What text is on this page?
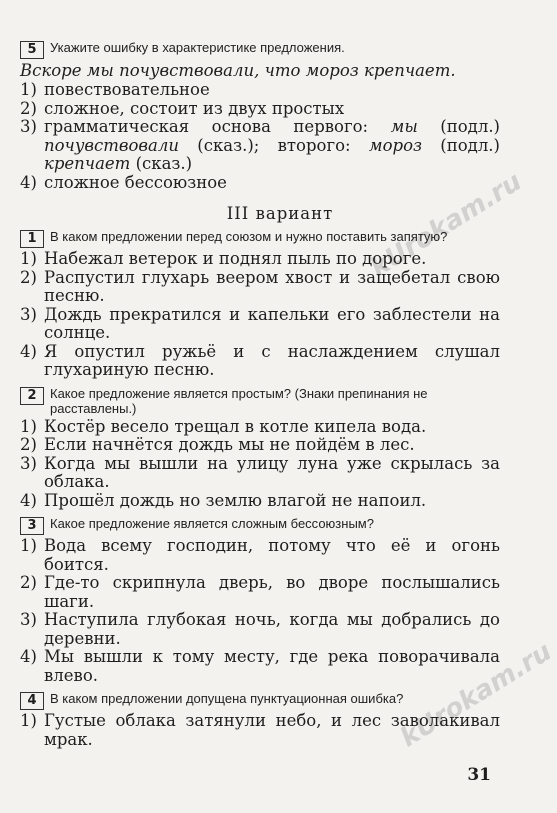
kUrokam.ru
kUrokam.ru
5	Укажите ошибку в характеристике предложения.
Вскоре мы почувствовали, что мороз крепчает.
1) повествовательное
2) сложное, состоит из двух простых
3) грамматическая основа первого: мы (подл.) почувствовали (сказ.); второго: мороз (подл.) крепчает (сказ.)
4) сложное бессоюзное
III вариант
1	В каком предложении перед союзом и нужно поставить запятую?
1) Набежал ветерок и поднял пыль по дороге.
2) Распустил глухарь веером хвост и защебетал свою песню.
3) Дождь прекратился и капельки его заблестели на солнце.
4) Я опустил ружьё и с наслаждением слушал глухариную песню.
2	Какое предложение является простым? (Знаки препинания не расставлены.)
1) Костёр весело трещал в котле кипела вода.
2) Если начнётся дождь мы не пойдём в лес.
3) Когда мы вышли на улицу луна уже скрылась за облака.
4) Прошёл дождь но землю влагой не напоил.
3	Какое предложение является сложным бессоюзным?
1) Вода всему господин, потому что её и огонь боится.
2) Где-то скрипнула дверь, во дворе послышались шаги.
3) Наступила глубокая ночь, когда мы добрались до деревни.
4) Мы вышли к тому месту, где река поворачивала влево.
4	В каком предложении допущена пунктуационная ошибка?
1) Густые облака затянули небо, и лес заволакивал мрак.
31
